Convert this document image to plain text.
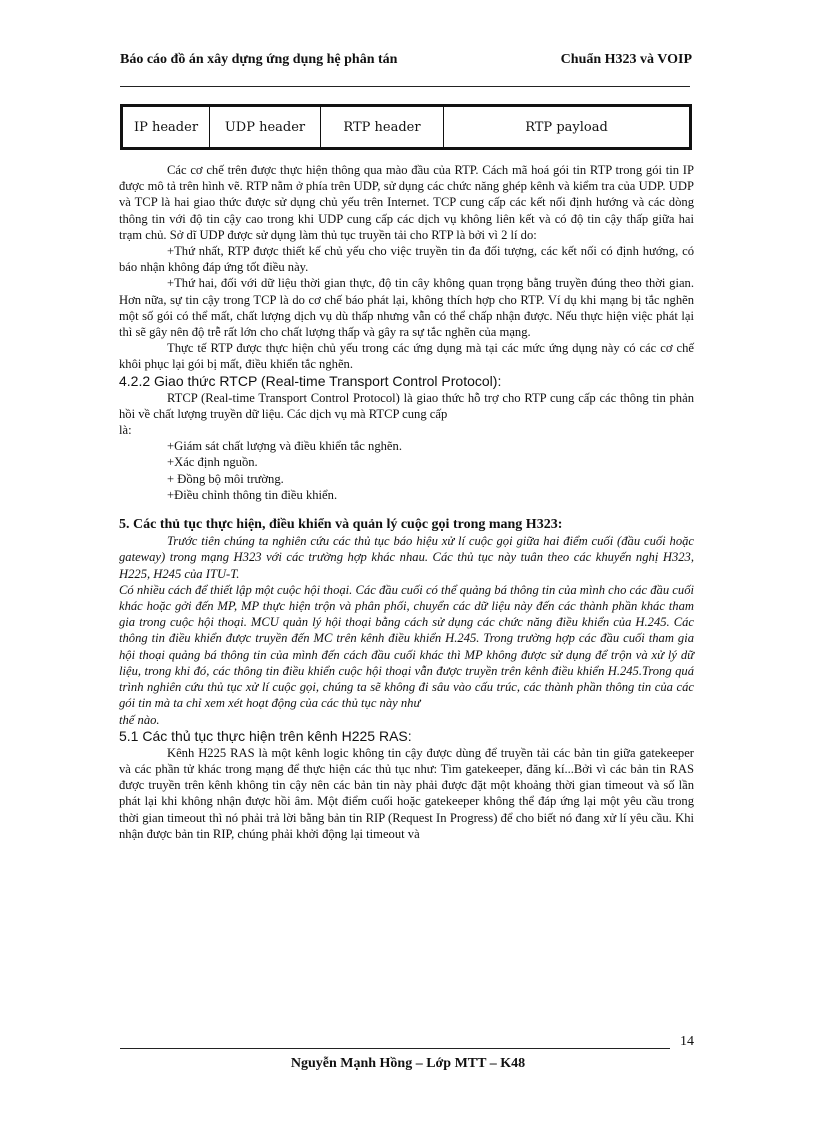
Báo cáo đồ án xây dựng ứng dụng hệ phân tán	Chuẩn H323 và VOIP
IP header	UDP header	RTP header	RTP payload

Các cơ chế trên được thực hiện thông qua mào đầu của RTP. Cách mã hoá gói tin RTP trong gói tin IP được mô tả trên hình vẽ. RTP nằm ở phía trên UDP, sử dụng các chức năng ghép kênh và kiểm tra của UDP. UDP và TCP là hai giao thức được sử dụng chủ yếu trên Internet. TCP cung cấp các kết nối định hướng và các dòng thông tin với độ tin cậy cao trong khi UDP cung cấp các dịch vụ không liên kết và có độ tin cậy thấp giữa hai trạm chủ. Sở dĩ UDP được sử dụng làm thủ tục truyền tải cho RTP là bởi vì 2 lí do:

+Thứ nhất, RTP được thiết kế chủ yếu cho việc truyền tin đa đối tượng, các kết nối có định hướng, có báo nhận không đáp ứng tốt điều này.

+Thứ hai, đối với dữ liệu thời gian thực, độ tin cây không quan trọng bằng truyền đúng theo thời gian. Hơn nữa, sự tin cậy trong TCP là do cơ chế báo phát lại, không thích hợp cho RTP. Ví dụ khi mạng bị tắc nghẽn một số gói có thể mất, chất lượng dịch vụ dù thấp nhưng vẫn có thể chấp nhận được. Nếu thực hiện việc phát lại thì sẽ gây nên độ trễ rất lớn cho chất lượng thấp và gây ra sự tắc nghẽn của mạng.

Thực tế RTP được thực hiện chủ yếu trong các ứng dụng mà tại các mức ứng dụng này có các cơ chế khôi phục lại gói bị mất, điều khiển tắc nghẽn.

4.2.2 Giao thức RTCP (Real-time Transport Control Protocol):

RTCP (Real-time Transport Control Protocol) là giao thức hỗ trợ cho RTP cung cấp các thông tin phản hồi về chất lượng truyền dữ liệu. Các dịch vụ mà RTCP cung cấp

là:

+Giám sát chất lượng và điều khiển tắc nghẽn.

+Xác định nguồn.

+ Đồng bộ môi trường.

+Điều chỉnh thông tin điều khiển.

5. Các thủ tục thực hiện, điều khiển và quản lý cuộc gọi trong mang H323:

Trước tiên chúng ta nghiên cứu các thủ tục báo hiệu xử lí cuộc gọi giữa hai điểm cuối (đầu cuối hoặc gateway) trong mạng H323 với các trường hợp khác nhau. Các thủ tục này tuân theo các khuyến nghị H323, H225, H245 của ITU-T.

Có nhiều cách để thiết lập một cuộc hội thoại. Các đầu cuối có thể quảng bá thông tin của mình cho các đầu cuối khác hoặc gởi đến MP, MP thực hiện trộn và phân phối, chuyển các dữ liệu này đến các thành phần khác tham gia trong cuộc hội thoại. MCU quản lý hội thoại bằng cách sử dụng các chức năng điều khiển của H.245. Các thông tin điều khiển được truyền đến MC trên kênh điều khiển H.245. Trong trường hợp các đầu cuối tham gia hội thoại quảng bá thông tin của mình đến cách đầu cuối khác thì MP không được sử dụng để trộn và xử lý dữ liệu, trong khi đó, các thông tin điều khiển cuộc hội thoại vẫn được truyền trên kênh điều khiển H.245.Trong quá trình nghiên cứu thủ tục xử lí cuộc gọi, chúng ta sẽ không đi sâu vào cấu trúc, các thành phần thông tin của các gói tin mà ta chỉ xem xét hoạt động của các thủ tục này như

thế nào.

5.1 Các thủ tục thực hiện trên kênh H225 RAS:

Kênh H225 RAS là một kênh logic không tin cậy được dùng để truyền tải các bản tin giữa gatekeeper và các phần tử khác trong mạng để thực hiện các thủ tục như: Tìm gatekeeper, đăng kí...Bởi vì các bản tin RAS được truyền trên kênh không tin cậy nên các bản tin này phải được đặt một khoảng thời gian timeout và số lần phát lại khi không nhận được hồi âm. Một điểm cuối hoặc gatekeeper không thể đáp ứng lại một yêu cầu trong thời gian timeout thì nó phải trả lời bằng bản tin RIP (Request In Progress) để cho biết nó đang xử lí yêu cầu. Khi nhận được bản tin RIP, chúng phải khởi động lại timeout và

14
Nguyễn Mạnh Hồng – Lớp MTT – K48
